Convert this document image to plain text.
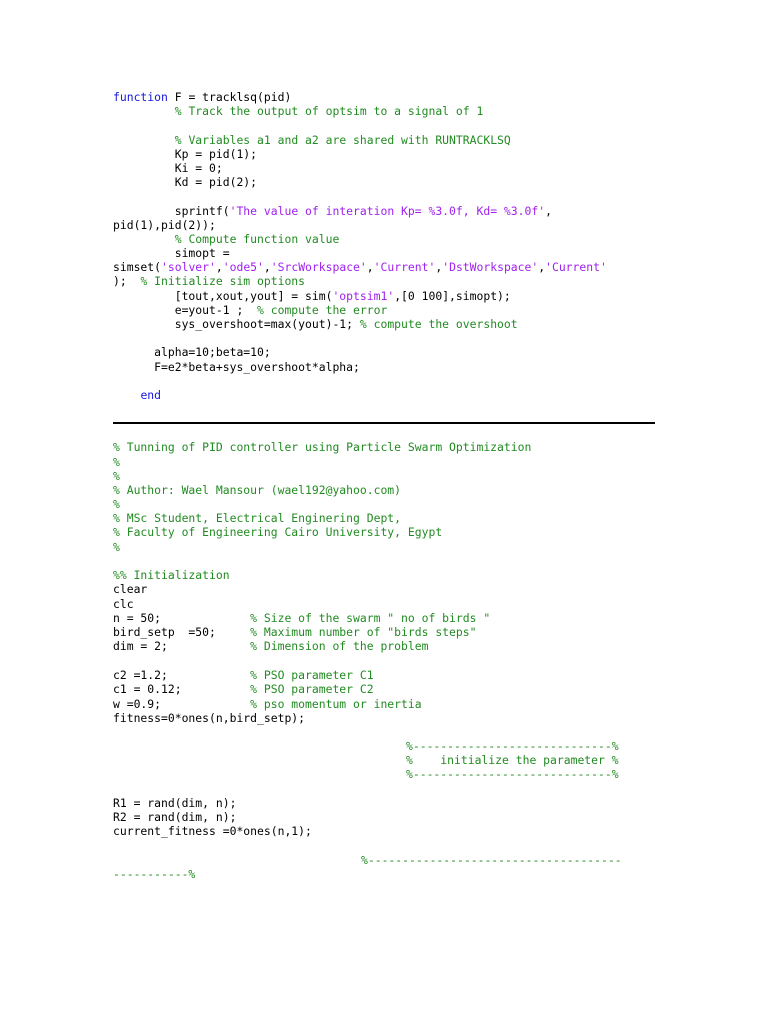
function F = tracklsq(pid)
% Track the output of optsim to a signal of 1
% Variables a1 and a2 are shared with RUNTRACKLSQ
Kp = pid(1);
Ki = 0;
Kd = pid(2);
sprintf('The value of interation Kp= %3.0f, Kd= %3.0f',
pid(1),pid(2));
% Compute function value
simopt =
simset('solver','ode5','SrcWorkspace','Current','DstWorkspace','Current'
);  % Initialize sim options
[tout,xout,yout] = sim('optsim1',[0 100],simopt);
e=yout-1 ;  % compute the error
sys_overshoot=max(yout)-1; % compute the overshoot
alpha=10;beta=10;
F=e2*beta+sys_overshoot*alpha;
end
% Tunning of PID controller using Particle Swarm Optimization
%
%
% Author: Wael Mansour (wael192@yahoo.com)
%
% MSc Student, Electrical Enginering Dept,
% Faculty of Engineering Cairo University, Egypt
%
%% Initialization
clear
clc
n = 50;             % Size of the swarm " no of birds "
bird_setp  =50;     % Maximum number of "birds steps"
dim = 2;            % Dimension of the problem
c2 =1.2;            % PSO parameter C1
c1 = 0.12;          % PSO parameter C2
w =0.9;             % pso momentum or inertia
fitness=0*ones(n,bird_setp);
%-----------------------------%
%    initialize the parameter %
%-----------------------------%
R1 = rand(dim, n);
R2 = rand(dim, n);
current_fitness =0*ones(n,1);
%-------------------------------------
-----------%
